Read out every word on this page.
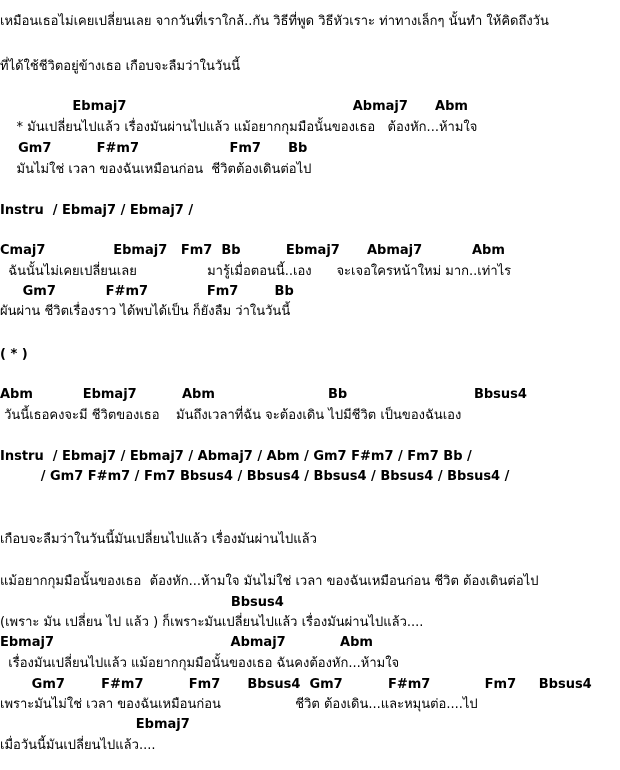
เหมือนเธอไม่เคยเปลี่ยนเลย จากวันที่เราใกล้..กัน วิธีที่พูด วิธีหัวเราะ ท่าทางเล็กๆ นั้นทำ ให้คิดถึงวัน
ที่ได้ใช้ชีวิตอยู่ข้างเธอ เกือบจะลืมว่าในวันนี้
Ebmaj7                                                  Abmaj7      Abm
* มันเปลี่ยนไปแล้ว เรื่องมันผ่านไปแล้ว แม้อยากกุมมือนั้นของเธอ   ต้องหัก...ห้ามใจ
Gm7          F#m7                    Fm7      Bb
มันไม่ใช่ เวลา ของฉันเหมือนก่อน  ชีวิตต้องเดินต่อไป
Instru  / Ebmaj7 / Ebmaj7 /
Cmaj7               Ebmaj7   Fm7  Bb          Ebmaj7      Abmaj7           Abm
ฉันนั้นไม่เคยเปลี่ยนเลย                 มารู้เมื่อตอนนี้..เอง      จะเจอใครหน้าใหม่ มาก..เท่าไร
Gm7           F#m7             Fm7        Bb
ผันผ่าน ชีวิตเรื่องราว ได้พบได้เป็น ก็ยังลืม ว่าในวันนี้
( * )
Abm           Ebmaj7          Abm                         Bb                            Bbsus4
วันนี้เธอคงจะมี ชีวิตของเธอ    มันถึงเวลาที่ฉัน จะต้องเดิน ไปมีชีวิต เป็นของฉันเอง
Instru  / Ebmaj7 / Ebmaj7 / Abmaj7 / Abm / Gm7 F#m7 / Fm7 Bb /
/ Gm7 F#m7 / Fm7 Bbsus4 / Bbsus4 / Bbsus4 / Bbsus4 / Bbsus4 /
เกือบจะลืมว่าในวันนี้มันเปลี่ยนไปแล้ว เรื่องมันผ่านไปแล้ว
แม้อยากกุมมือนั้นของเธอ  ต้องหัก...ห้ามใจ มันไม่ใช่ เวลา ของฉันเหมือนก่อน ชีวิต ต้องเดินต่อไป
Bbsus4
(เพราะ มัน เปลี่ยน ไป แล้ว ) ก็เพราะมันเปลี่ยนไปแล้ว เรื่องมันผ่านไปแล้ว....
Ebmaj7                                       Abmaj7            Abm
เรื่องมันเปลี่ยนไปแล้ว แม้อยากกุมมือนั้นของเธอ ฉันคงต้องหัก...ห้ามใจ
Gm7        F#m7          Fm7      Bbsus4  Gm7          F#m7            Fm7     Bbsus4
เพราะมันไม่ใช่ เวลา ของฉันเหมือนก่อน                  ชีวิต ต้องเดิน...และหมุนต่อ....ไป
Ebmaj7
เมื่อวันนี้มันเปลี่ยนไปแล้ว....
